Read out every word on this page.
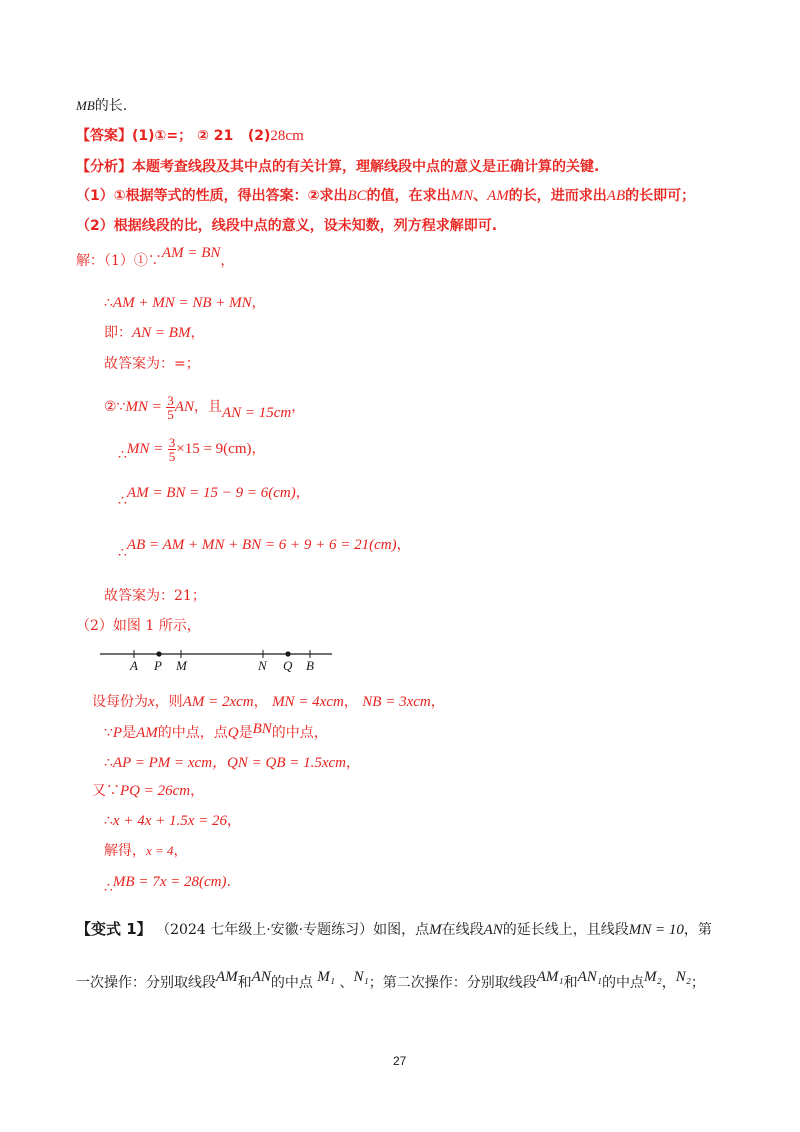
MB的长.
【答案】(1)①=； ② 21 (2)28cm
【分析】本题考查线段及其中点的有关计算，理解线段中点的意义是正确计算的关键.
（1）①根据等式的性质，得出答案：②求出BC的值，在求出MN、AM的长，进而求出AB的长即可；
（2）根据线段的比，线段中点的意义，设未知数，列方程求解即可.
解：（1）①∵AM = BN，
∴AM + MN = NB + MN，
即：AN = BM，
故答案为：=；
②∵MN = $\frac{3}{5}$ AN，且AN = 15cm，
∴MN = $\frac{3}{5} \times 15 = 9(cm)$，
∴AM = BN = 15 − 9 = 6(cm)，
∴AB = AM + MN + BN = 6 + 9 + 6 = 21(cm)，
故答案为：21；
（2）如图 1 所示，
A P M	N Q B
设每份为x，则AM = 2xcm， MN = 4xcm， NB = 3xcm，
∵P是AM的中点，点Q是BN的中点，
∴AP = PM = xcm，QN = QB = 1.5xcm，
又∵PQ = 26cm，
∴x + 4x + 1.5x = 26，
解得，x = 4，
∴MB = 7x = 28(cm).
【变式 1】 （2024 七年级上·安徽·专题练习）如图，点M在线段AN的延长线上，且线段MN = 10，第
一次操作：分别取线段AM和AN的中点 M₁ 、N₁；第二次操作：分别取线段AM₁和AN₁的中点M₂，N₂；
27
